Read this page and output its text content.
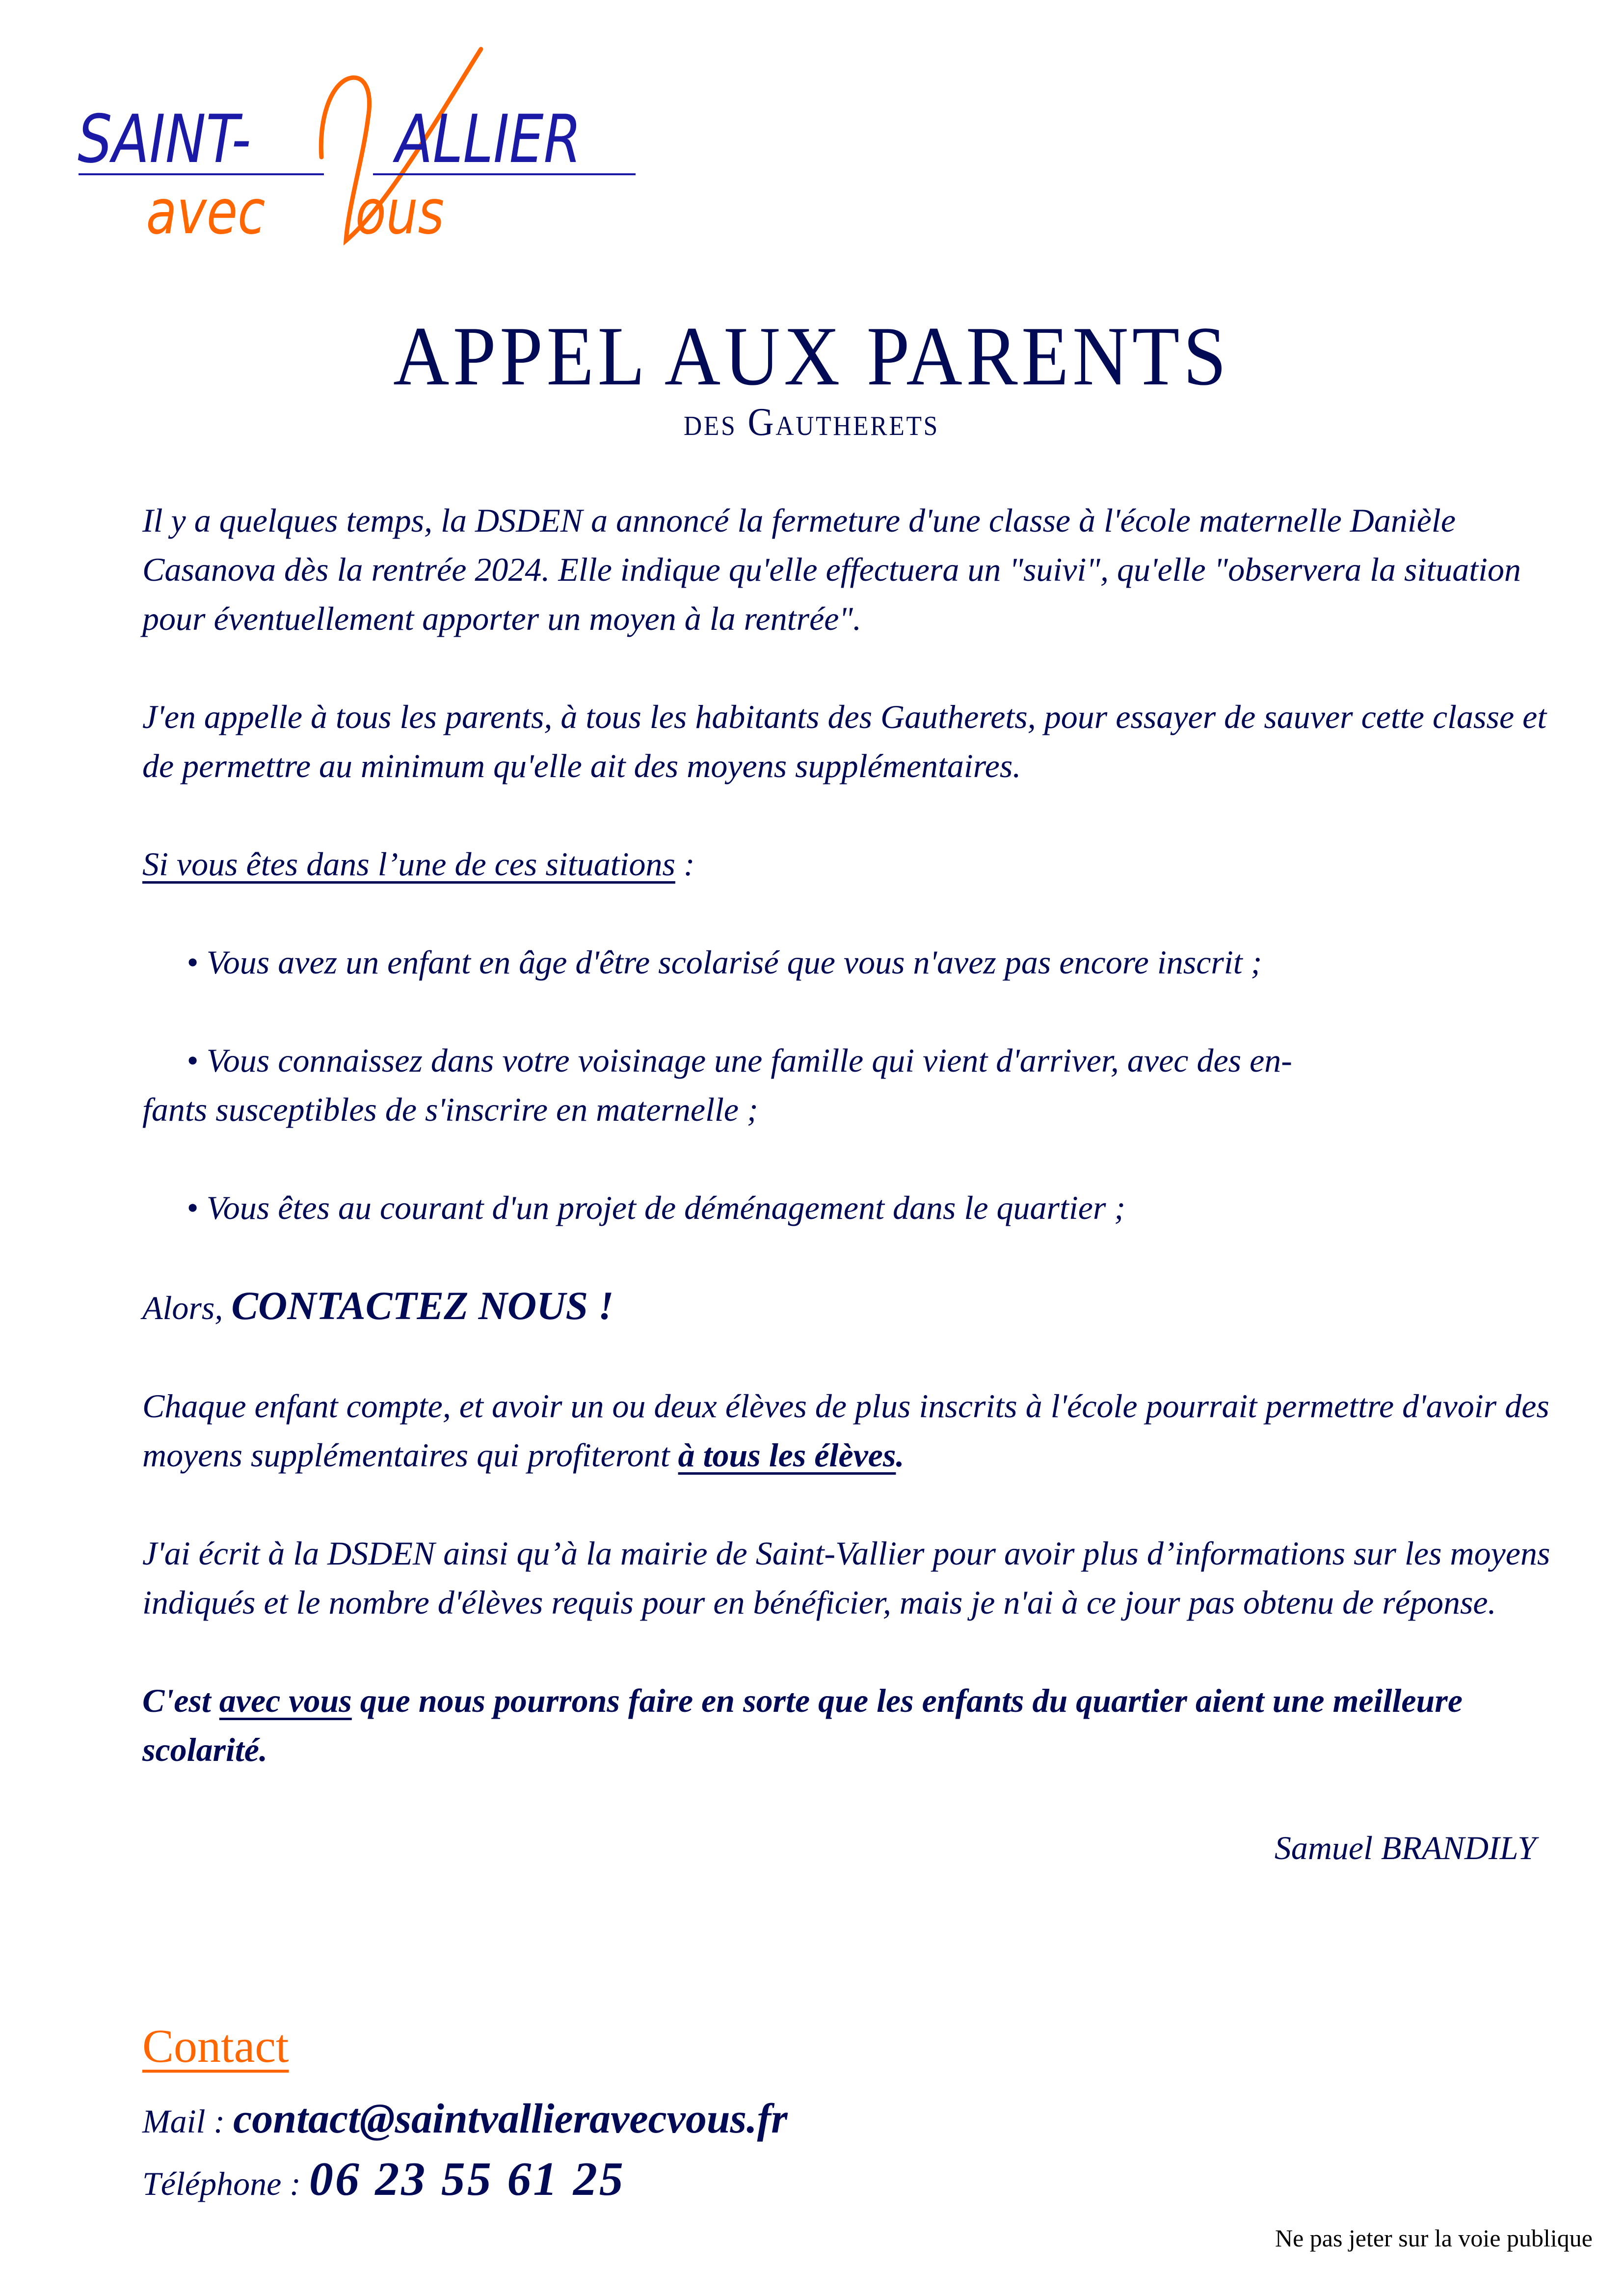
SAINT- ALLIER
avec ous
APPEL AUX PARENTS
des Gautherets

Il y a quelques temps, la DSDEN a annoncé la fermeture d'une classe à l'école maternelle Danièle Casanova dès la rentrée 2024. Elle indique qu'elle effectuera un "suivi", qu'elle "observera la situation pour éventuellement apporter un moyen à la rentrée".

J'en appelle à tous les parents, à tous les habitants des Gautherets, pour essayer de sauver cette classe et de permettre au minimum qu'elle ait des moyens supplémentaires.

Si vous êtes dans l’une de ces situations :

• Vous avez un enfant en âge d'être scolarisé que vous n'avez pas encore inscrit ;

• Vous connaissez dans votre voisinage une famille qui vient d'arriver, avec des en-

fants susceptibles de s'inscrire en maternelle ;

• Vous êtes au courant d'un projet de déménagement dans le quartier ;

Alors, CONTACTEZ NOUS !

Chaque enfant compte, et avoir un ou deux élèves de plus inscrits à l'école pourrait permettre d'avoir des moyens supplémentaires qui profiteront à tous les élèves.

J'ai écrit à la DSDEN ainsi qu’à la mairie de Saint-Vallier pour avoir plus d’informations sur les moyens indiqués et le nombre d'élèves requis pour en bénéficier, mais je n'ai à ce jour pas obtenu de réponse.

C'est avec vous que nous pourrons faire en sorte que les enfants du quartier aient une meilleure scolarité.

Samuel BRANDILY

Contact
Mail : contact@saintvallieravecvous.fr
Téléphone : 06 23 55 61 25
Ne pas jeter sur la voie publique
